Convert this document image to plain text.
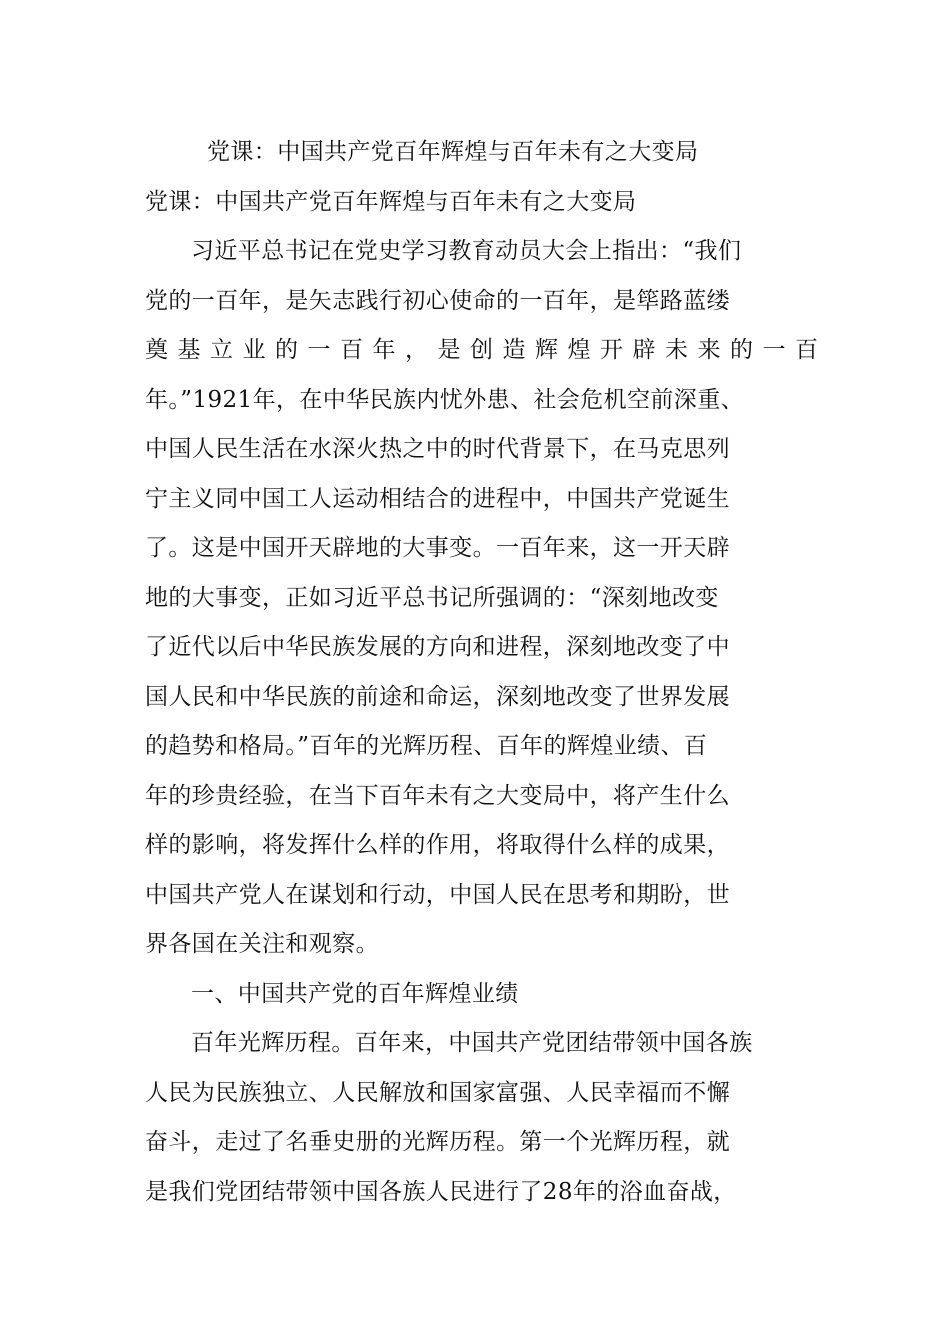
党课：中国共产党百年辉煌与百年未有之大变局
党课：中国共产党百年辉煌与百年未有之大变局
习近平总书记在党史学习教育动员大会上指出：“我们
党的一百年，是矢志践行初心使命的一百年，是筚路蓝缕
奠基立业的一百年，是创造辉煌开辟未来的一百
年。”1921年，在中华民族内忧外患、社会危机空前深重、
中国人民生活在水深火热之中的时代背景下，在马克思列
宁主义同中国工人运动相结合的进程中，中国共产党诞生
了。这是中国开天辟地的大事变。一百年来，这一开天辟
地的大事变，正如习近平总书记所强调的：“深刻地改变
了近代以后中华民族发展的方向和进程，深刻地改变了中
国人民和中华民族的前途和命运，深刻地改变了世界发展
的趋势和格局。”百年的光辉历程、百年的辉煌业绩、百
年的珍贵经验，在当下百年未有之大变局中，将产生什么
样的影响，将发挥什么样的作用，将取得什么样的成果，
中国共产党人在谋划和行动，中国人民在思考和期盼，世
界各国在关注和观察。
一、中国共产党的百年辉煌业绩
百年光辉历程。百年来，中国共产党团结带领中国各族
人民为民族独立、人民解放和国家富强、人民幸福而不懈
奋斗，走过了名垂史册的光辉历程。第一个光辉历程，就
是我们党团结带领中国各族人民进行了28年的浴血奋战，
